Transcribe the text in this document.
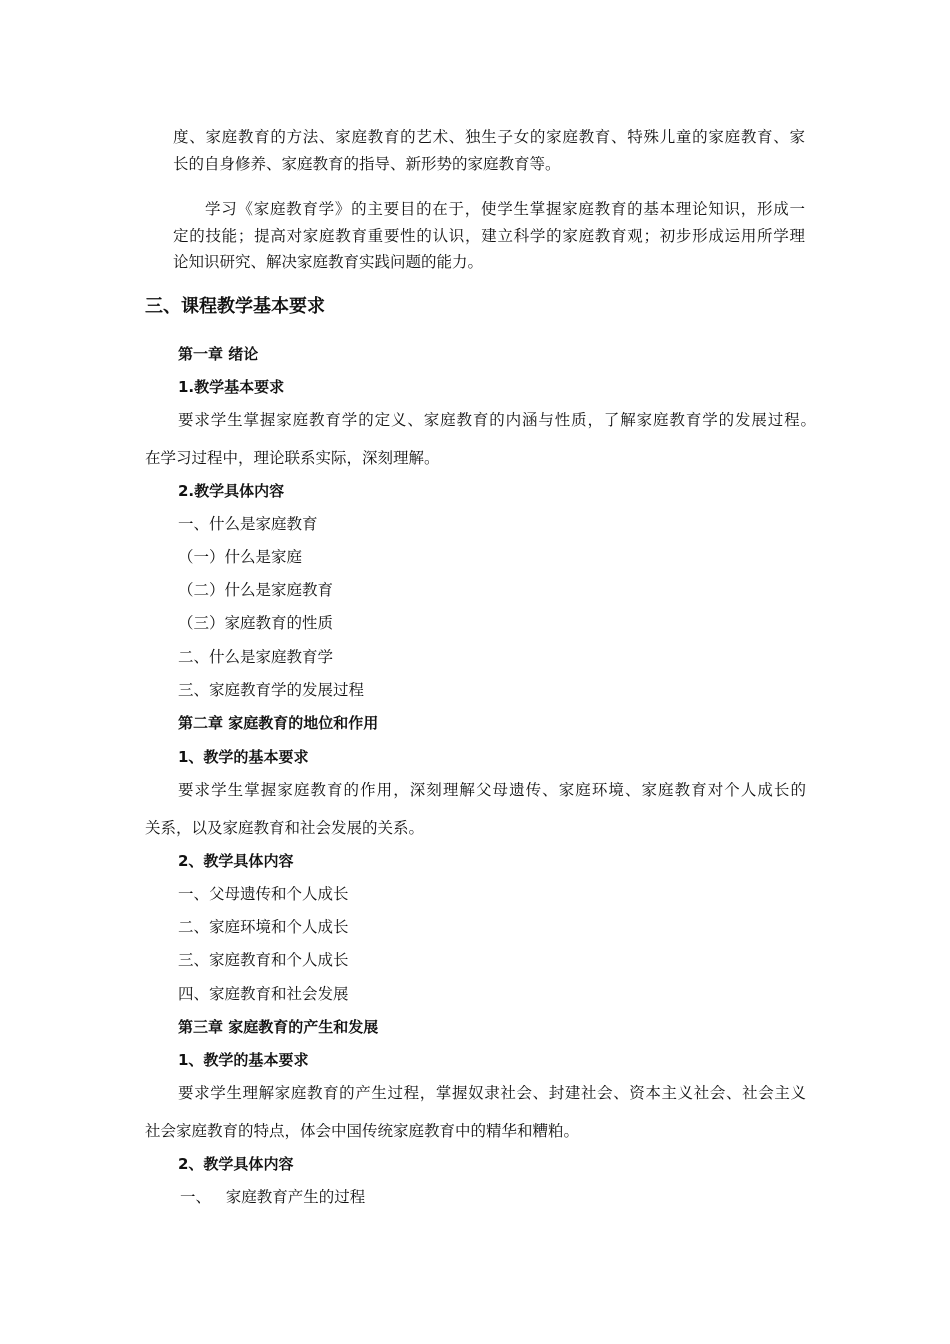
度、家庭教育的方法、家庭教育的艺术、独生子女的家庭教育、特殊儿童的家庭教育、家
长的自身修养、家庭教育的指导、新形势的家庭教育等。
学习《家庭教育学》的主要目的在于，使学生掌握家庭教育的基本理论知识，形成一
定的技能；提高对家庭教育重要性的认识，建立科学的家庭教育观；初步形成运用所学理
论知识研究、解决家庭教育实践问题的能力。
三、课程教学基本要求
第一章 绪论
1.教学基本要求
要求学生掌握家庭教育学的定义、家庭教育的内涵与性质，了解家庭教育学的发展过程。
在学习过程中，理论联系实际，深刻理解。
2.教学具体内容
一、什么是家庭教育
（一）什么是家庭
（二）什么是家庭教育
（三）家庭教育的性质
二、什么是家庭教育学
三、家庭教育学的发展过程
第二章 家庭教育的地位和作用
1、教学的基本要求
要求学生掌握家庭教育的作用，深刻理解父母遗传、家庭环境、家庭教育对个人成长的
关系，以及家庭教育和社会发展的关系。
2、教学具体内容
一、父母遗传和个人成长
二、家庭环境和个人成长
三、家庭教育和个人成长
四、家庭教育和社会发展
第三章 家庭教育的产生和发展
1、教学的基本要求
要求学生理解家庭教育的产生过程，掌握奴隶社会、封建社会、资本主义社会、社会主义
社会家庭教育的特点，体会中国传统家庭教育中的精华和糟粕。
2、教学具体内容
一、   家庭教育产生的过程
